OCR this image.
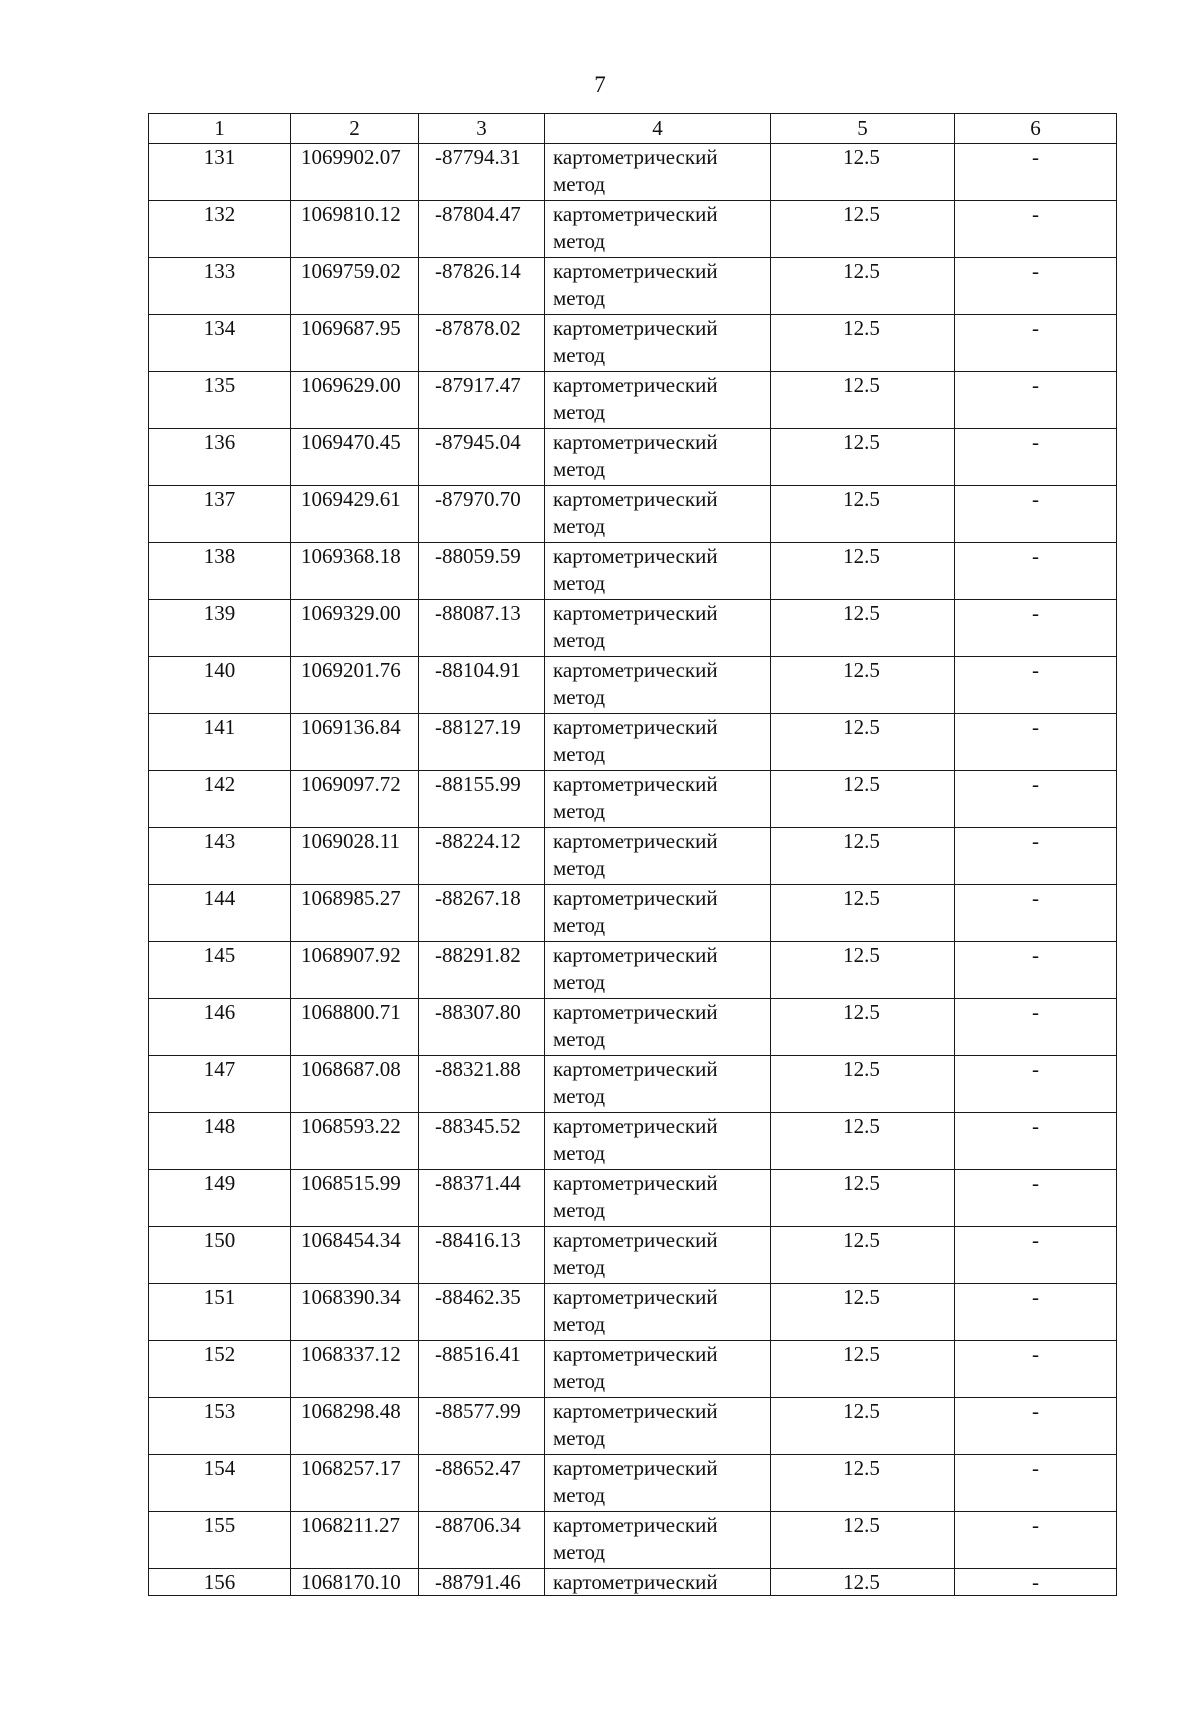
7
1	2	3	4	5	6
131	1069902.07	-87794.31	картометрический метод	12.5	-
132	1069810.12	-87804.47	картометрический метод	12.5	-
133	1069759.02	-87826.14	картометрический метод	12.5	-
134	1069687.95	-87878.02	картометрический метод	12.5	-
135	1069629.00	-87917.47	картометрический метод	12.5	-
136	1069470.45	-87945.04	картометрический метод	12.5	-
137	1069429.61	-87970.70	картометрический метод	12.5	-
138	1069368.18	-88059.59	картометрический метод	12.5	-
139	1069329.00	-88087.13	картометрический метод	12.5	-
140	1069201.76	-88104.91	картометрический метод	12.5	-
141	1069136.84	-88127.19	картометрический метод	12.5	-
142	1069097.72	-88155.99	картометрический метод	12.5	-
143	1069028.11	-88224.12	картометрический метод	12.5	-
144	1068985.27	-88267.18	картометрический метод	12.5	-
145	1068907.92	-88291.82	картометрический метод	12.5	-
146	1068800.71	-88307.80	картометрический метод	12.5	-
147	1068687.08	-88321.88	картометрический метод	12.5	-
148	1068593.22	-88345.52	картометрический метод	12.5	-
149	1068515.99	-88371.44	картометрический метод	12.5	-
150	1068454.34	-88416.13	картометрический метод	12.5	-
151	1068390.34	-88462.35	картометрический метод	12.5	-
152	1068337.12	-88516.41	картометрический метод	12.5	-
153	1068298.48	-88577.99	картометрический метод	12.5	-
154	1068257.17	-88652.47	картометрический метод	12.5	-
155	1068211.27	-88706.34	картометрический метод	12.5	-
156	1068170.10	-88791.46	картометрический	12.5	-
